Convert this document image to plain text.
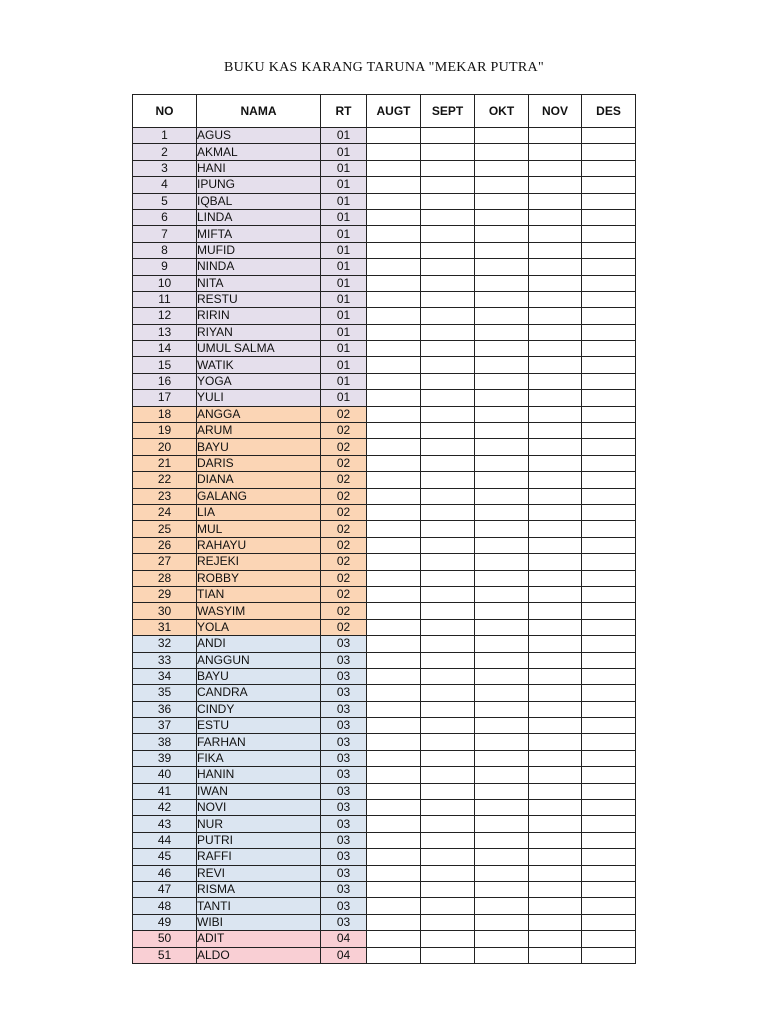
BUKU KAS KARANG TARUNA "MEKAR PUTRA"
NO	NAMA	RT	AUGT	SEPT	OKT	NOV	DES
1	AGUS	01					
2	AKMAL	01					
3	HANI	01					
4	IPUNG	01					
5	IQBAL	01					
6	LINDA	01					
7	MIFTA	01					
8	MUFID	01					
9	NINDA	01					
10	NITA	01					
11	RESTU	01					
12	RIRIN	01					
13	RIYAN	01					
14	UMUL SALMA	01					
15	WATIK	01					
16	YOGA	01					
17	YULI	01					
18	ANGGA	02					
19	ARUM	02					
20	BAYU	02					
21	DARIS	02					
22	DIANA	02					
23	GALANG	02					
24	LIA	02					
25	MUL	02					
26	RAHAYU	02					
27	REJEKI	02					
28	ROBBY	02					
29	TIAN	02					
30	WASYIM	02					
31	YOLA	02					
32	ANDI	03					
33	ANGGUN	03					
34	BAYU	03					
35	CANDRA	03					
36	CINDY	03					
37	ESTU	03					
38	FARHAN	03					
39	FIKA	03					
40	HANIN	03					
41	IWAN	03					
42	NOVI	03					
43	NUR	03					
44	PUTRI	03					
45	RAFFI	03					
46	REVI	03					
47	RISMA	03					
48	TANTI	03					
49	WIBI	03					
50	ADIT	04					
51	ALDO	04					
